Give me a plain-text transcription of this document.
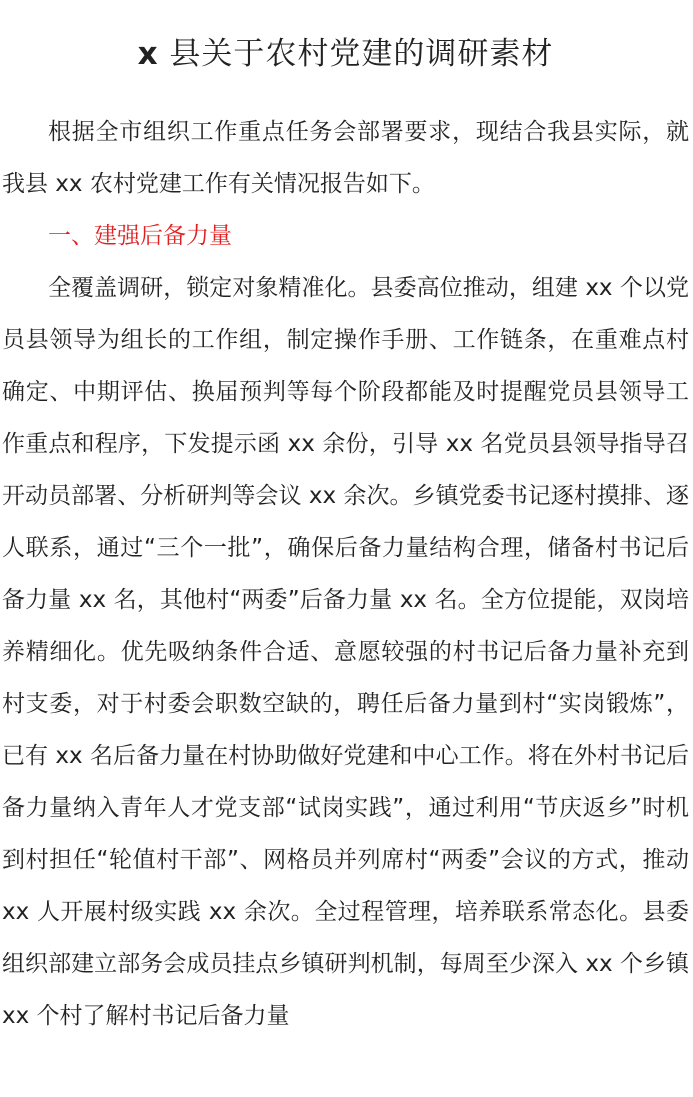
x 县关于农村党建的调研素材

根据全市组织工作重点任务会部署要求，现结合我县实际，就我县 xx 农村党建工作有关情况报告如下。

一、建强后备力量

全覆盖调研，锁定对象精准化。县委高位推动，组建 xx 个以党员县领导为组长的工作组，制定操作手册、工作链条，在重难点村确定、中期评估、换届预判等每个阶段都能及时提醒党员县领导工作重点和程序，下发提示函 xx 余份，引导 xx 名党员县领导指导召开动员部署、分析研判等会议 xx 余次。乡镇党委书记逐村摸排、逐人联系，通过“三个一批”，确保后备力量结构合理，储备村书记后备力量 xx 名，其他村“两委”后备力量 xx 名。全方位提能，双岗培养精细化。优先吸纳条件合适、意愿较强的村书记后备力量补充到村支委，对于村委会职数空缺的，聘任后备力量到村“实岗锻炼”，已有 xx 名后备力量在村协助做好党建和中心工作。将在外村书记后备力量纳入青年人才党支部“试岗实践”，通过利用“节庆返乡”时机到村担任“轮值村干部”、网格员并列席村“两委”会议的方式，推动 xx 人开展村级实践 xx 余次。全过程管理，培养联系常态化。县委组织部建立部务会成员挂点乡镇研判机制，每周至少深入 xx 个乡镇 xx 个村了解村书记后备力量
